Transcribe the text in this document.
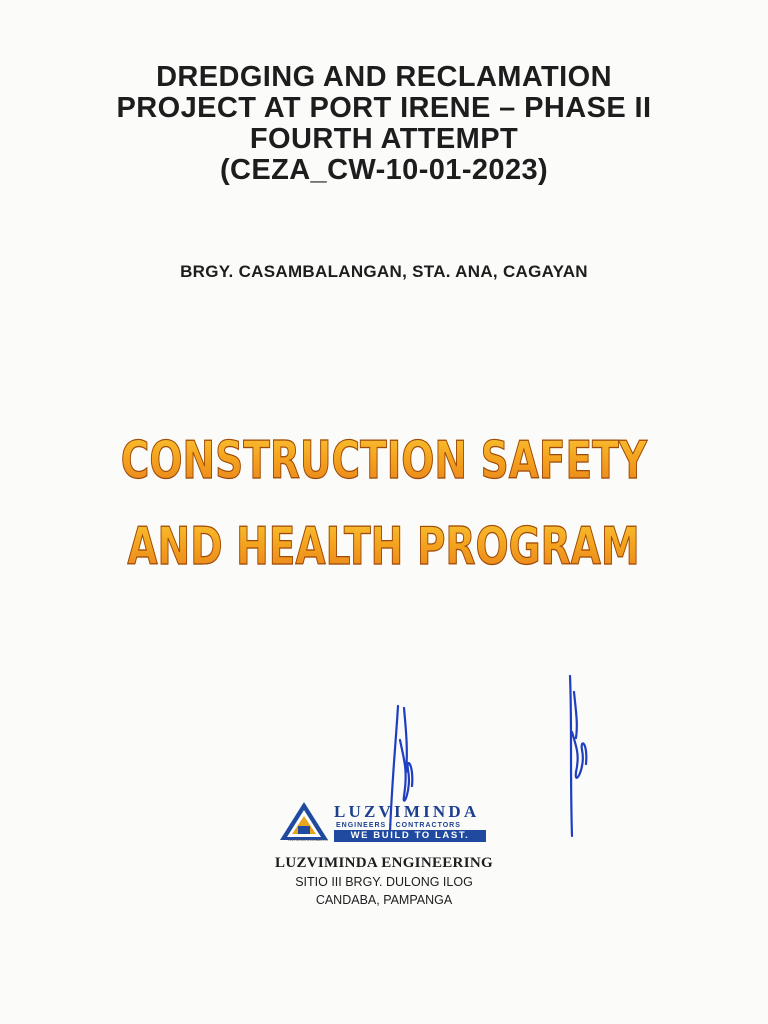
DREDGING AND RECLAMATION
PROJECT AT PORT IRENE – PHASE II
FOURTH ATTEMPT
(CEZA_CW-10-01-2023)
BRGY. CASAMBALANGAN, STA. ANA, CAGAYAN
CONSTRUCTION SAFETY
AND HEALTH PROGRAM
LUZVIMINDA ENGINEERING
LUZVIMINDA
ENGINEERS • CONTRACTORS
WE BUILD TO LAST.
LUZVIMINDA ENGINEERING
SITIO III BRGY. DULONG ILOG
CANDABA, PAMPANGA
